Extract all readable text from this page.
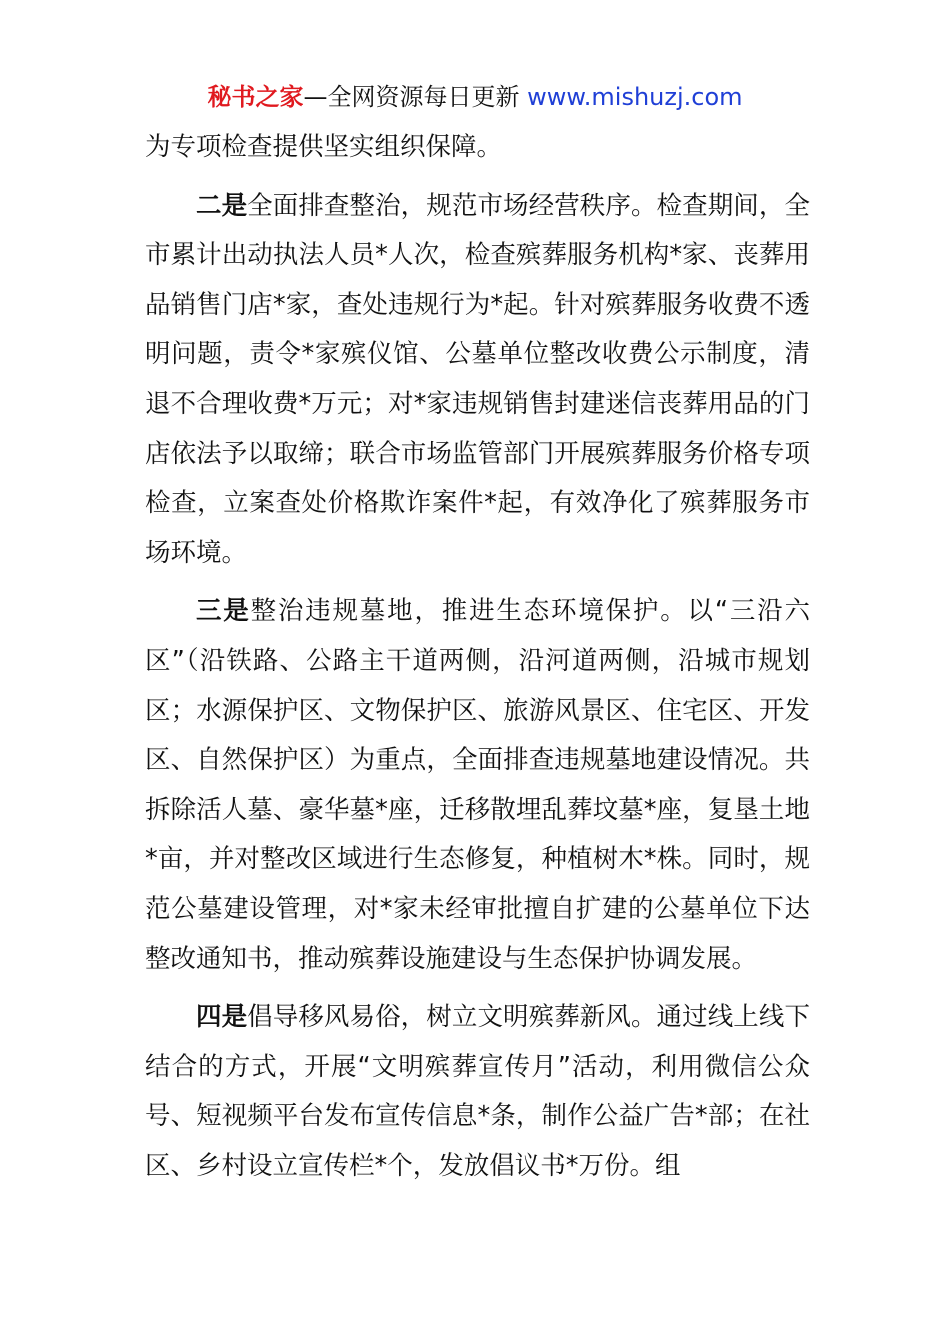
秘书之家—全网资源每日更新 www.mishuzj.com

为专项检查提供坚实组织保障。

二是全面排查整治，规范市场经营秩序。检查期间，全市累计出动执法人员*人次，检查殡葬服务机构*家、丧葬用品销售门店*家，查处违规行为*起。针对殡葬服务收费不透明问题，责令*家殡仪馆、公墓单位整改收费公示制度，清退不合理收费*万元；对*家违规销售封建迷信丧葬用品的门店依法予以取缔；联合市场监管部门开展殡葬服务价格专项检查，立案查处价格欺诈案件*起，有效净化了殡葬服务市场环境。

三是整治违规墓地，推进生态环境保护。以“三沿六区”（沿铁路、公路主干道两侧，沿河道两侧，沿城市规划区；水源保护区、文物保护区、旅游风景区、住宅区、开发区、自然保护区）为重点，全面排查违规墓地建设情况。共拆除活人墓、豪华墓*座，迁移散埋乱葬坟墓*座，复垦土地*亩，并对整改区域进行生态修复，种植树木*株。同时，规范公墓建设管理，对*家未经审批擅自扩建的公墓单位下达整改通知书，推动殡葬设施建设与生态保护协调发展。

四是倡导移风易俗，树立文明殡葬新风。通过线上线下结合的方式，开展“文明殡葬宣传月”活动，利用微信公众号、短视频平台发布宣传信息*条，制作公益广告*部；在社区、乡村设立宣传栏*个，发放倡议书*万份。组
